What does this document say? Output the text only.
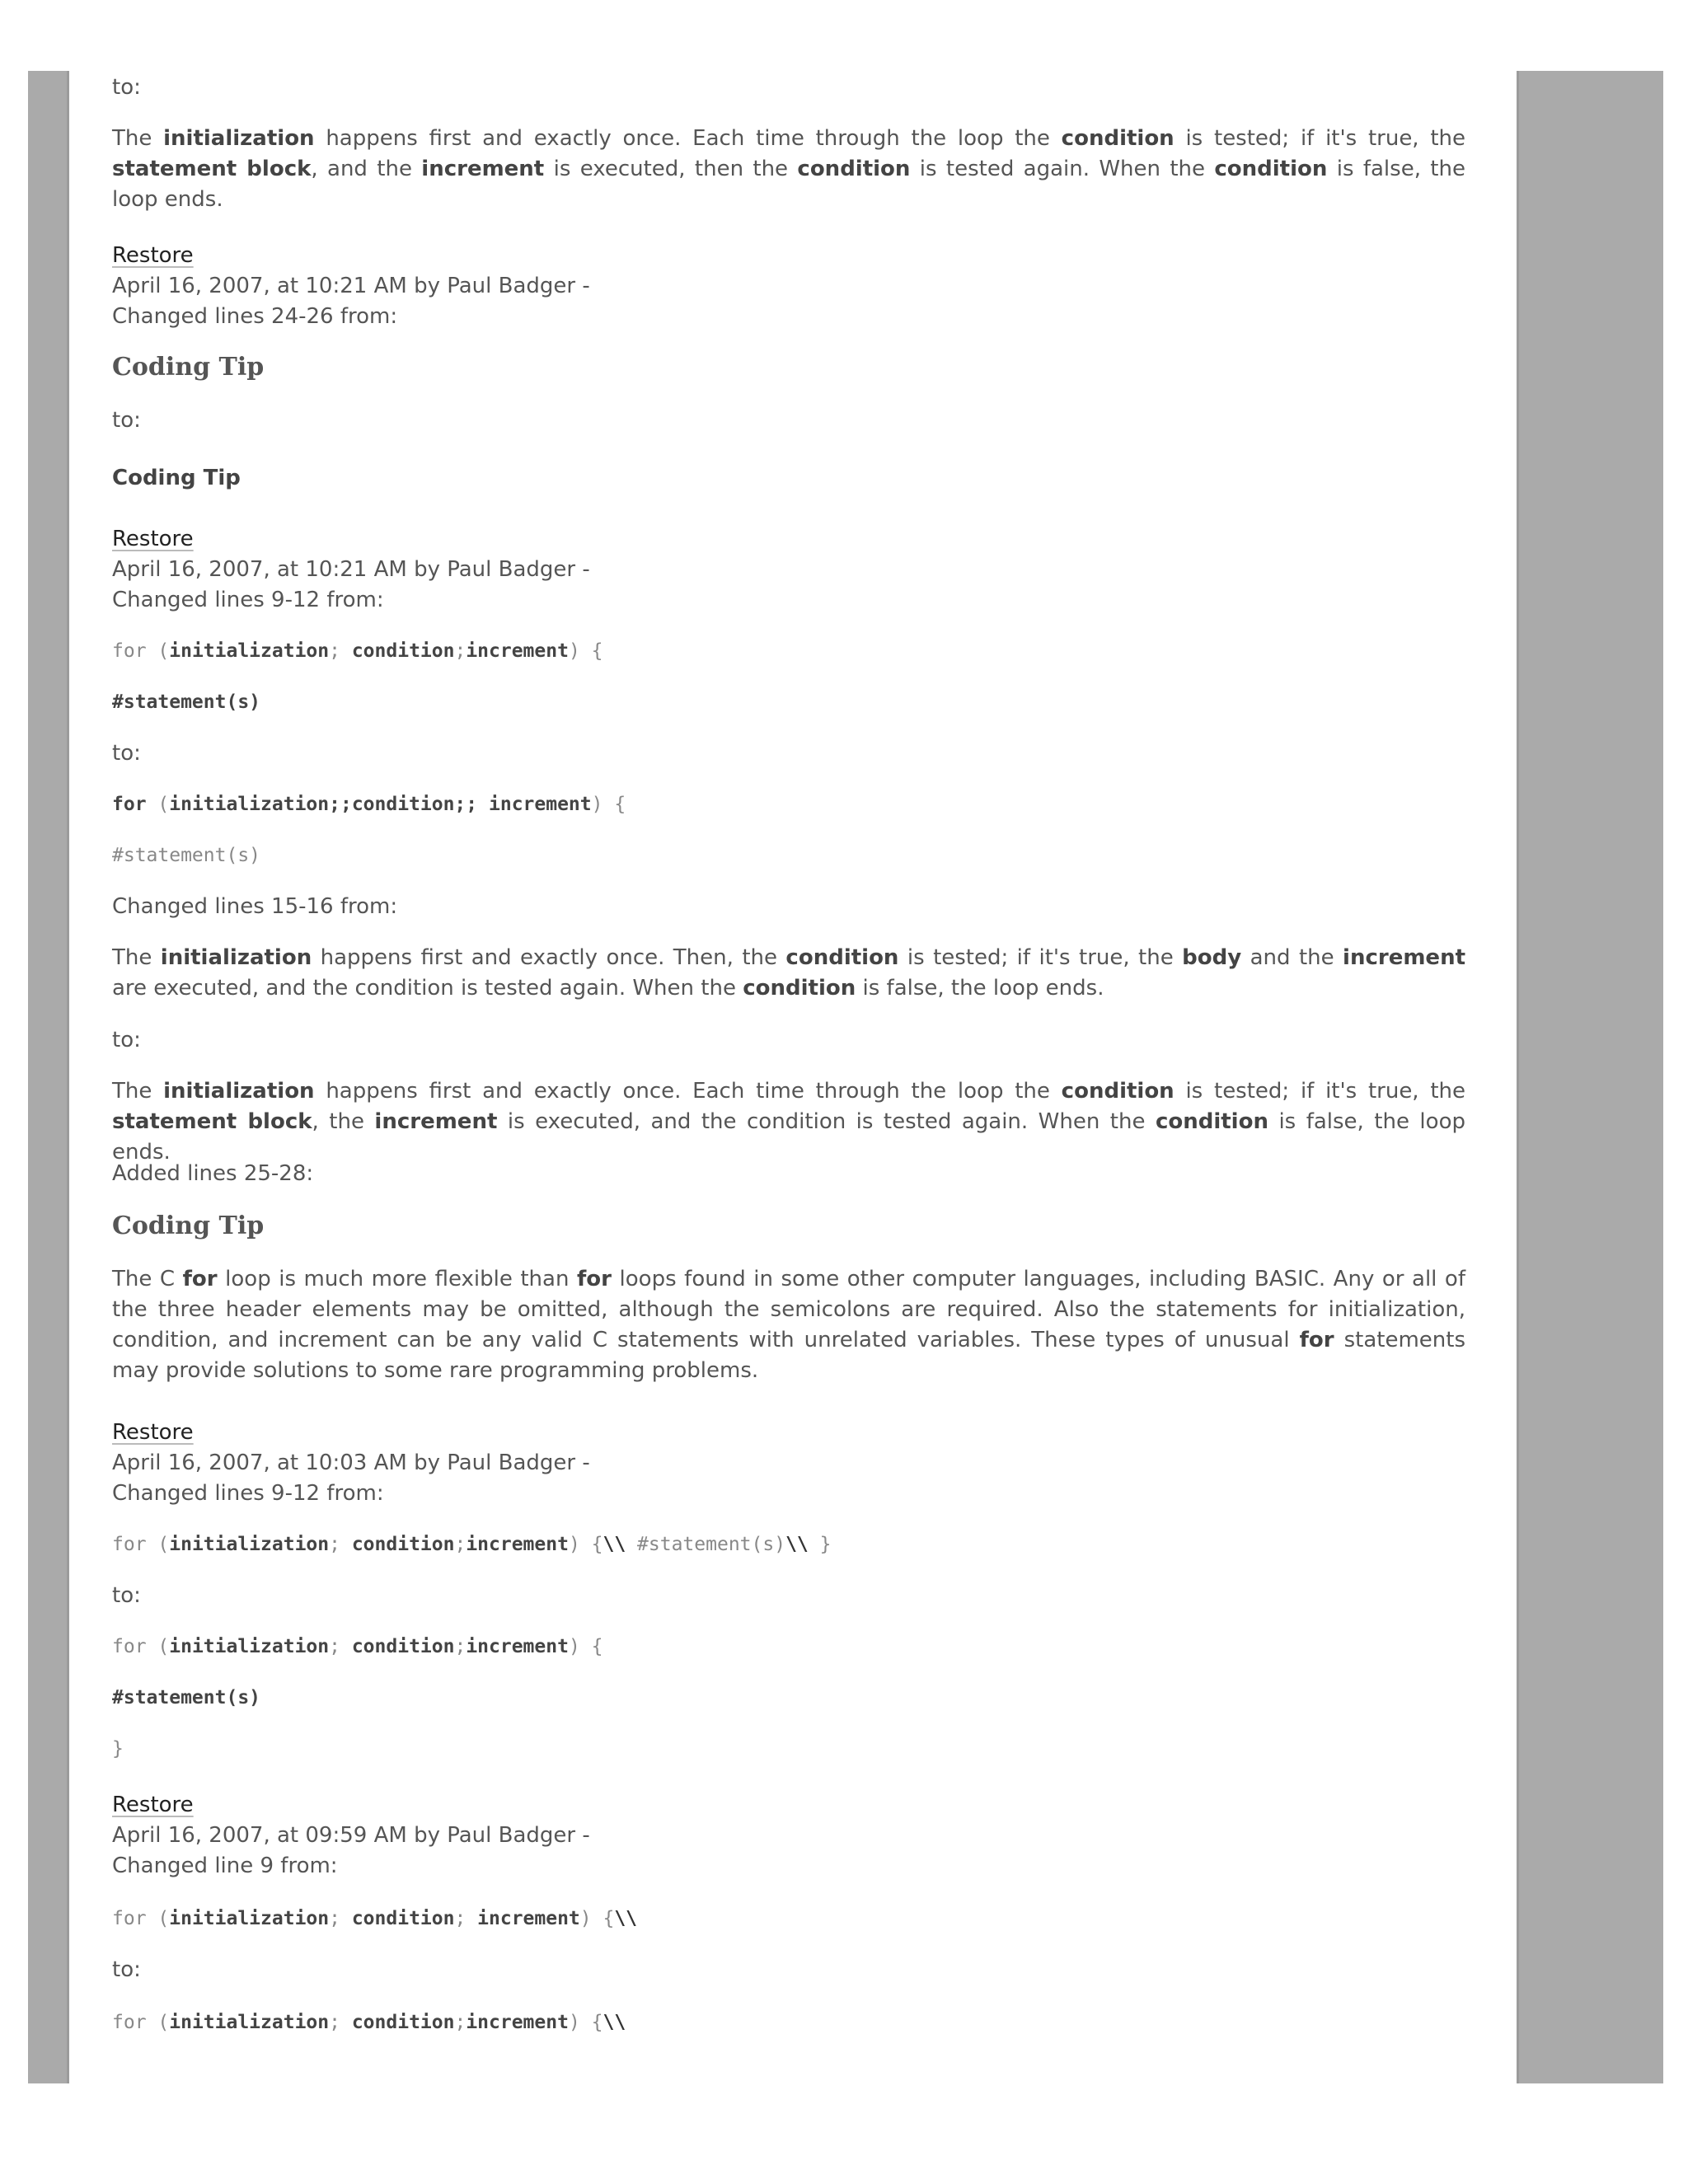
to:

The initialization happens first and exactly once. Each time through the loop the condition is tested; if it's true, the statement block, and the increment is executed, then the condition is tested again. When the condition is false, the loop ends.

Restore
April 16, 2007, at 10:21 AM by Paul Badger -
Changed lines 24-26 from:
Coding Tip

to:

Coding Tip

Restore
April 16, 2007, at 10:21 AM by Paul Badger -
Changed lines 9-12 from:
for (initialization; condition;increment) {
#statement(s)

to:

for (initialization;;condition;; increment) {
#statement(s)

Changed lines 15-16 from:

The initialization happens first and exactly once. Then, the condition is tested; if it's true, the body and the increment are executed, and the condition is tested again. When the condition is false, the loop ends.

to:

The initialization happens first and exactly once. Each time through the loop the condition is tested; if it's true, the statement block, the increment is executed, and the condition is tested again. When the condition is false, the loop ends.

Added lines 25-28:

Coding Tip

The C for loop is much more flexible than for loops found in some other computer languages, including BASIC. Any or all of the three header elements may be omitted, although the semicolons are required. Also the statements for initialization, condition, and increment can be any valid C statements with unrelated variables. These types of unusual for statements may provide solutions to some rare programming problems.

Restore
April 16, 2007, at 10:03 AM by Paul Badger -
Changed lines 9-12 from:
for (initialization; condition;increment) {\\ #statement(s)\\ }

to:

for (initialization; condition;increment) {
#statement(s)
}
Restore
April 16, 2007, at 09:59 AM by Paul Badger -
Changed line 9 from:
for (initialization; condition; increment) {\\

to:

for (initialization; condition;increment) {\\
